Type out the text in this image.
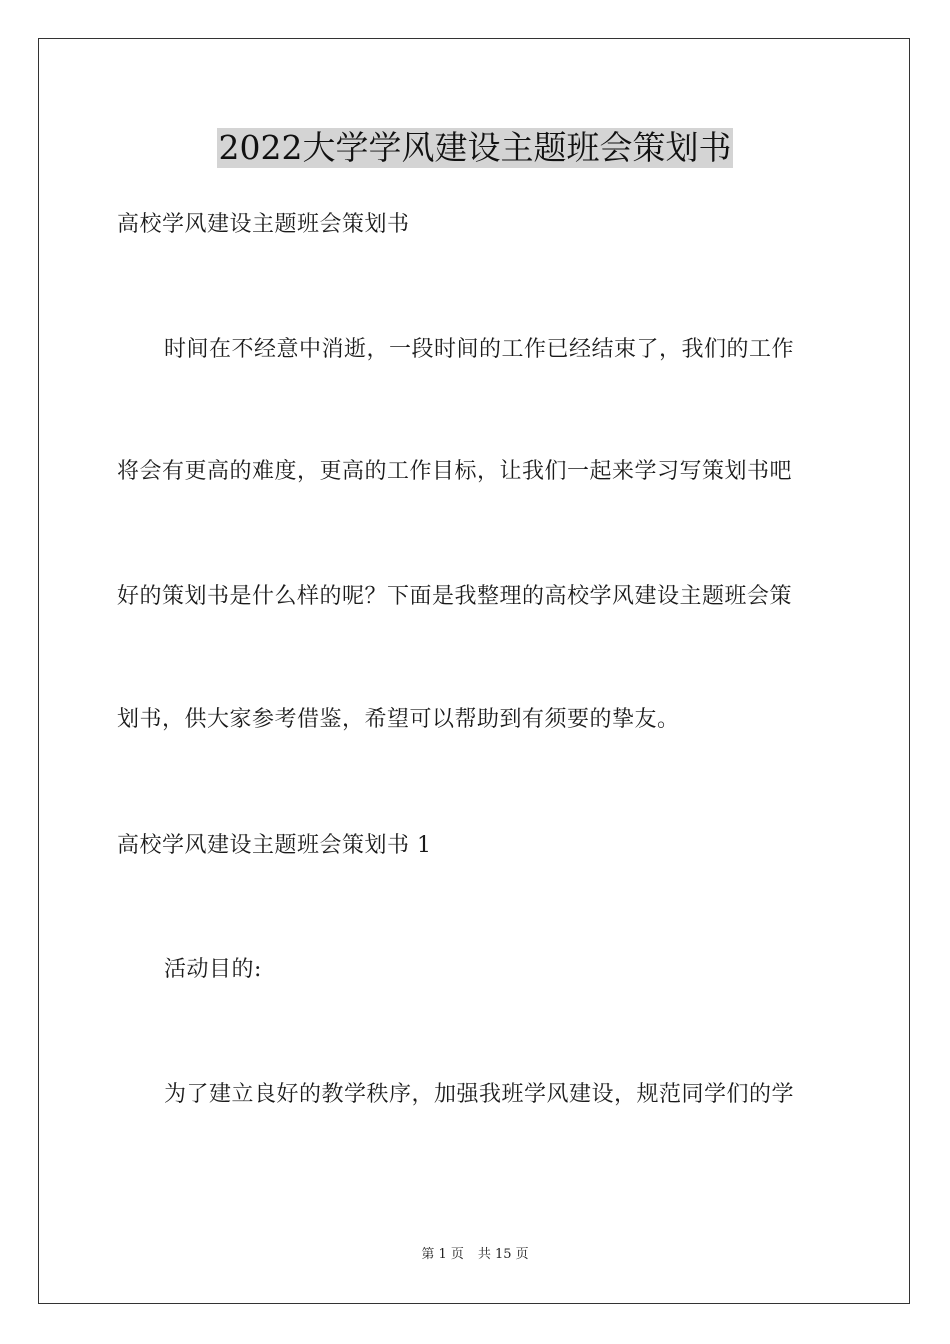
2022大学学风建设主题班会策划书
高校学风建设主题班会策划书
时间在不经意中消逝，一段时间的工作已经结束了，我们的工作
将会有更高的难度，更高的工作目标，让我们一起来学习写策划书吧
好的策划书是什么样的呢？下面是我整理的高校学风建设主题班会策
划书，供大家参考借鉴，希望可以帮助到有须要的挚友。
高校学风建设主题班会策划书 1
活动目的:
为了建立良好的教学秩序，加强我班学风建设，规范同学们的学
第 1 页 共 15 页
